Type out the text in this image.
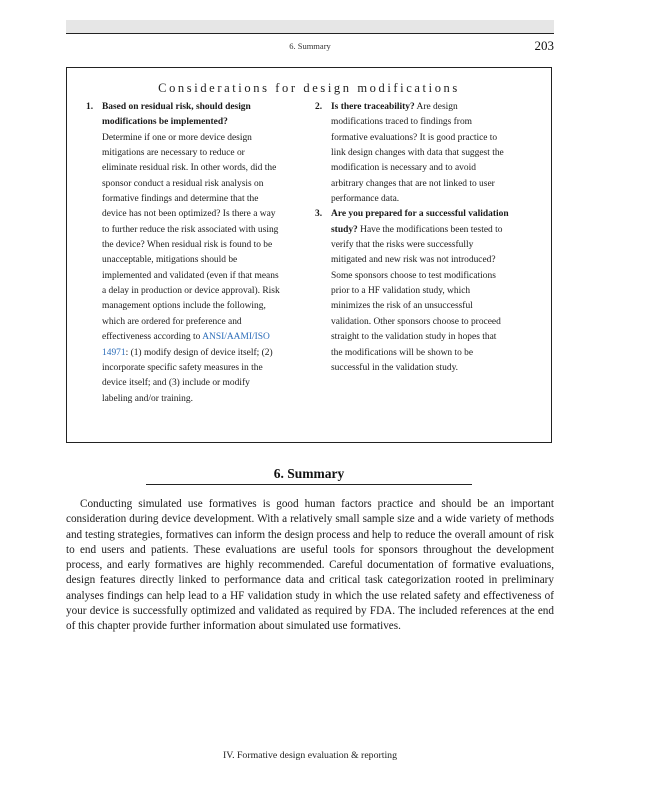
6. Summary	203
Considerations for design modifications
1. Based on residual risk, should design modifications be implemented?
Determine if one or more device design mitigations are necessary to reduce or eliminate residual risk. In other words, did the sponsor conduct a residual risk analysis on formative findings and determine that the device has not been optimized? Is there a way to further reduce the risk associated with using the device? When residual risk is found to be unacceptable, mitigations should be implemented and validated (even if that means a delay in production or device approval). Risk management options include the following, which are ordered for preference and effectiveness according to ANSI/AAMI/ISO 14971: (1) modify design of device itself; (2) incorporate specific safety measures in the device itself; and (3) include or modify labeling and/or training.
2. Is there traceability? Are design modifications traced to findings from formative evaluations? It is good practice to link design changes with data that suggest the modification is necessary and to avoid arbitrary changes that are not linked to user performance data.
3. Are you prepared for a successful validation study? Have the modifications been tested to verify that the risks were successfully mitigated and new risk was not introduced? Some sponsors choose to test modifications prior to a HF validation study, which minimizes the risk of an unsuccessful validation. Other sponsors choose to proceed straight to the validation study in hopes that the modifications will be shown to be successful in the validation study.
6. Summary

Conducting simulated use formatives is good human factors practice and should be an important consideration during device development. With a relatively small sample size and a wide variety of methods and testing strategies, formatives can inform the design process and help to reduce the overall amount of risk to end users and patients. These evaluations are useful tools for sponsors throughout the development process, and early formatives are highly recommended. Careful documentation of formative evaluations, design features directly linked to performance data and critical task categorization rooted in preliminary analyses findings can help lead to a HF validation study in which the use related safety and effectiveness of your device is successfully optimized and validated as required by FDA. The included references at the end of this chapter provide further information about simulated use formatives.

IV. Formative design evaluation & reporting
